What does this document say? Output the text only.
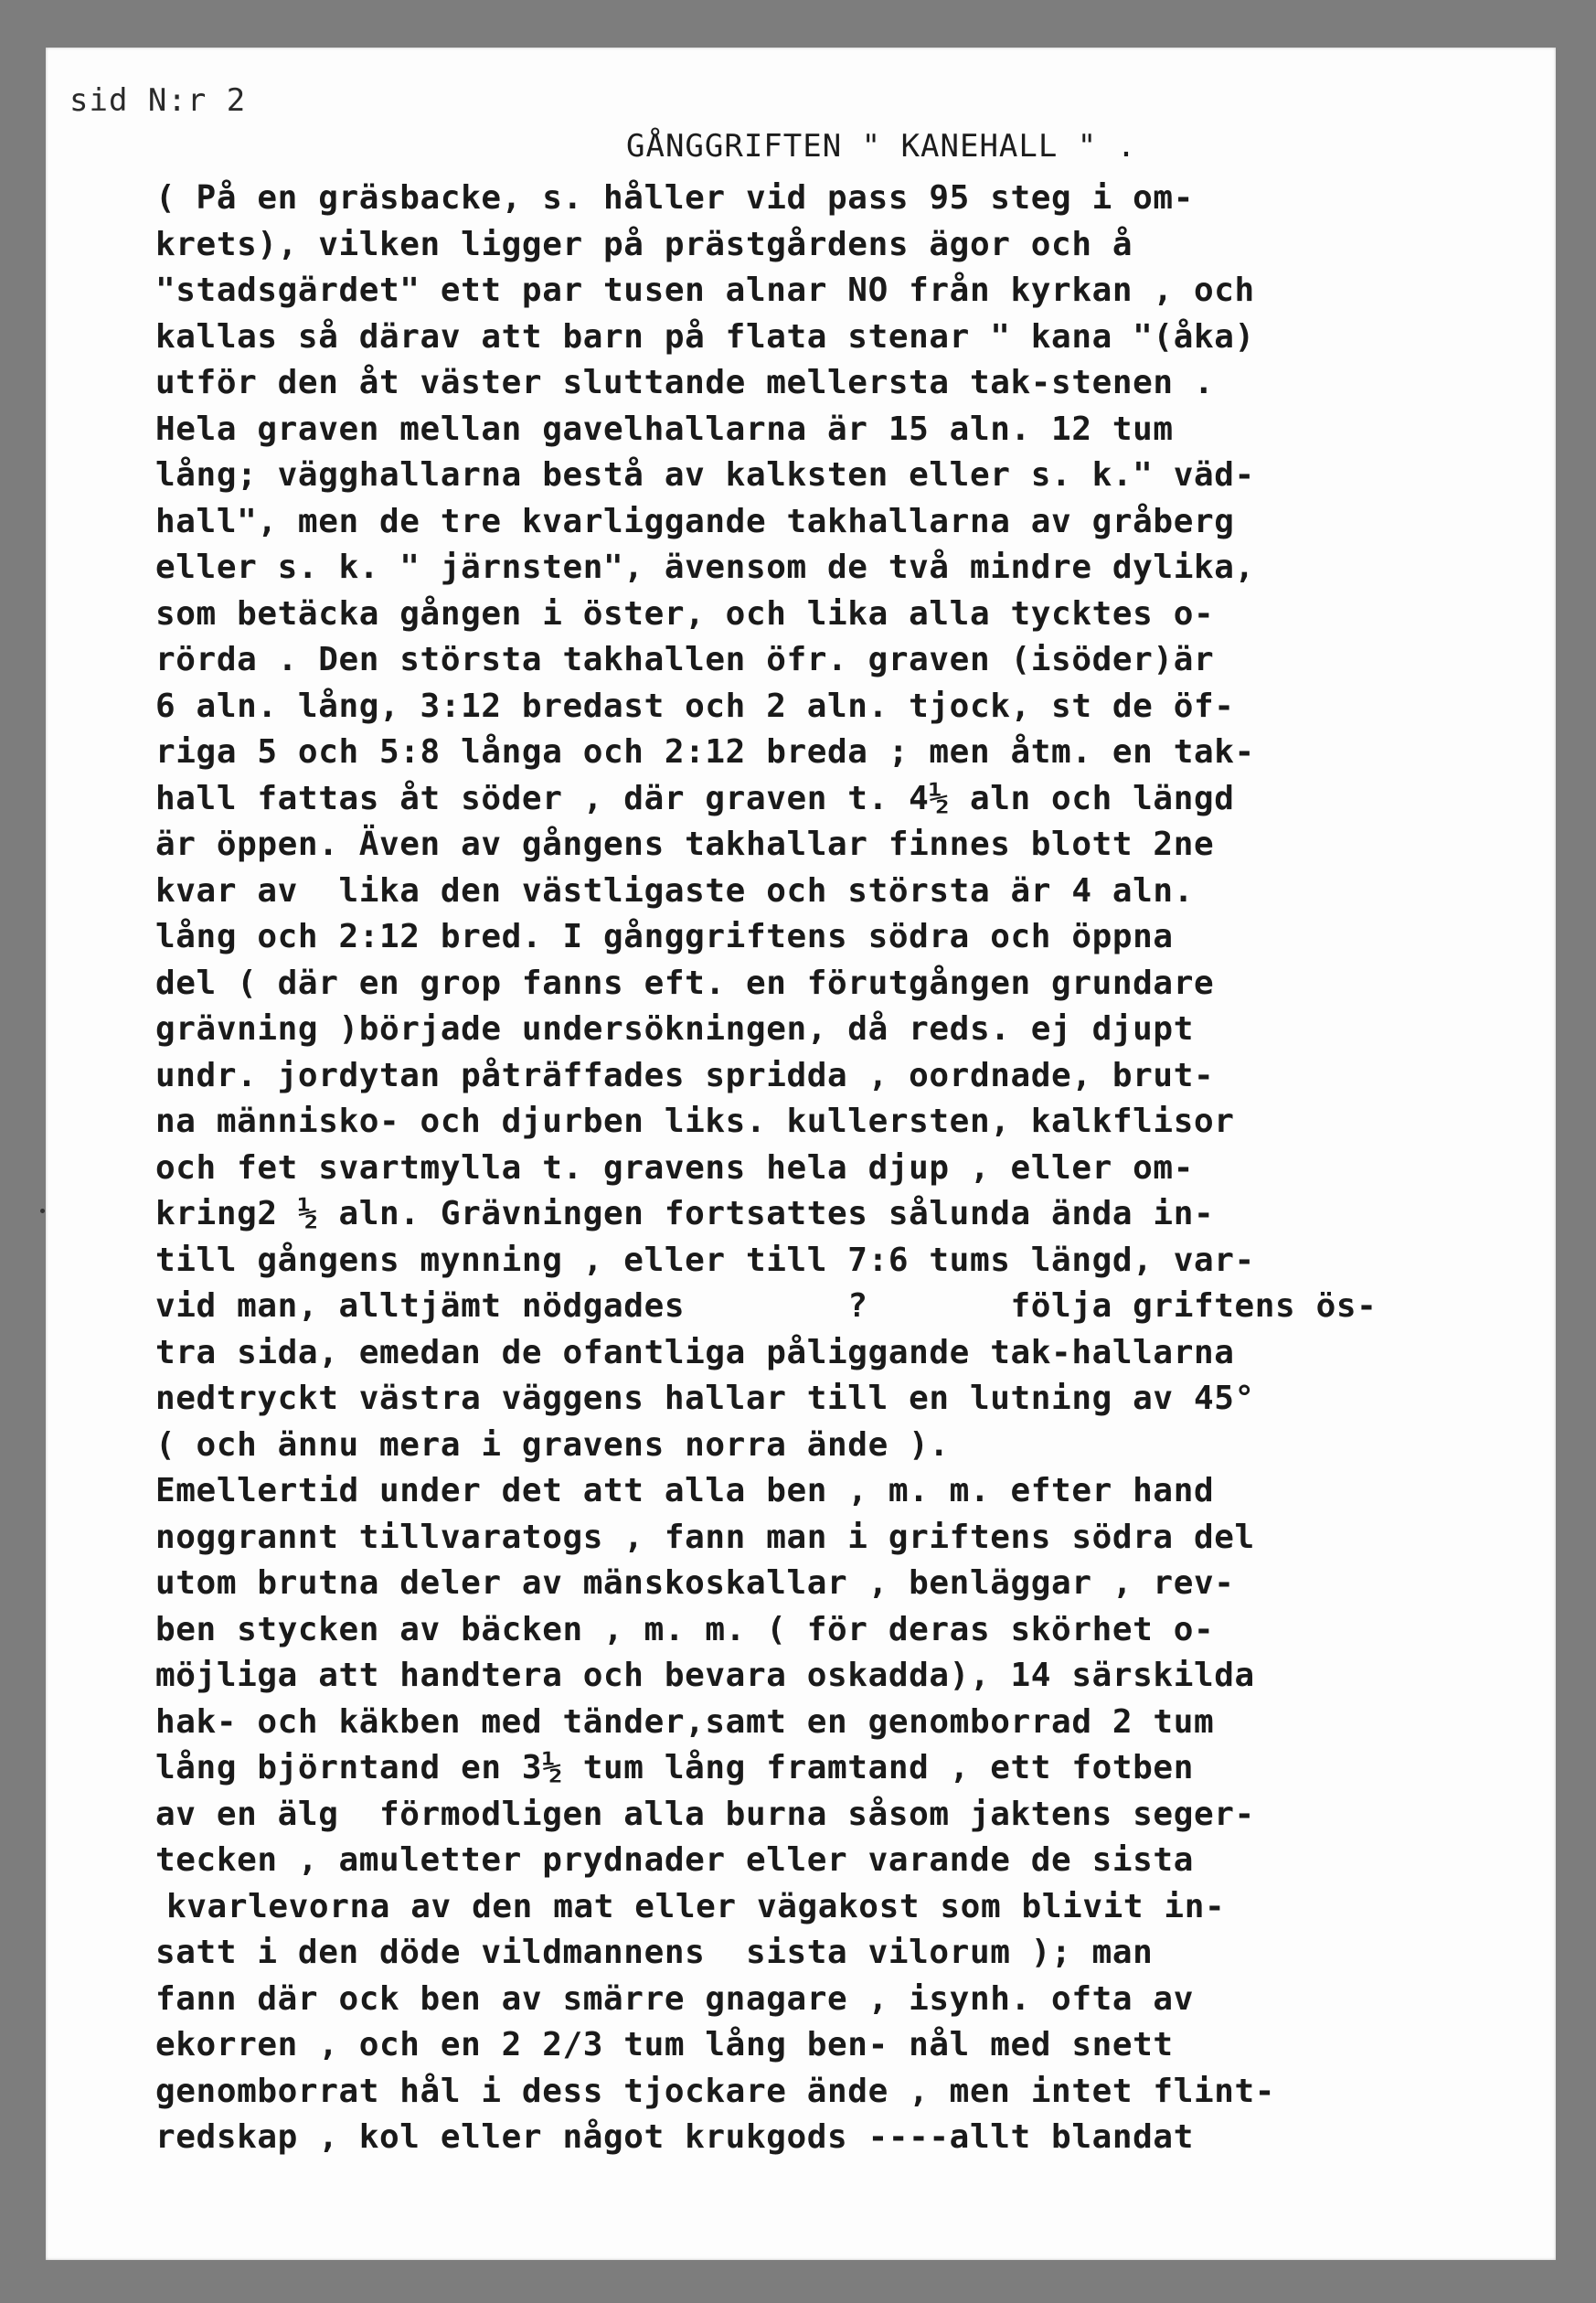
sid N:r 2
GÅNGGRIFTEN " KANEHALL " .
( På en gräsbacke, s. håller vid pass 95 steg i om-
krets), vilken ligger på prästgårdens ägor och å
"stadsgärdet" ett par tusen alnar NO från kyrkan , och
kallas så därav att barn på flata stenar " kana "(åka)
utför den åt väster sluttande mellersta tak-stenen .
Hela graven mellan gavelhallarna är 15 aln. 12 tum
lång; vägghallarna bestå av kalksten eller s. k." väd-
hall", men de tre kvarliggande takhallarna av gråberg
eller s. k. " järnsten", ävensom de två mindre dylika,
som betäcka gången i öster, och lika alla tycktes o-
rörda . Den största takhallen öfr. graven (isöder)är
6 aln. lång, 3:12 bredast och 2 aln. tjock, st de öf-
riga 5 och 5:8 långa och 2:12 breda ; men åtm. en tak-
hall fattas åt söder , där graven t. 4½ aln och längd
är öppen. Även av gångens takhallar finnes blott 2ne
kvar av  lika den västligaste och största är 4 aln.
lång och 2:12 bred. I gånggriftens södra och öppna
del ( där en grop fanns eft. en förutgången grundare
grävning )började undersökningen, då reds. ej djupt
undr. jordytan påträffades spridda , oordnade, brut-
na människo- och djurben liks. kullersten, kalkflisor
och fet svartmylla t. gravens hela djup , eller om-
kring2 ½ aln. Grävningen fortsattes sålunda ända in-
till gångens mynning , eller till 7:6 tums längd, var-
vid man, alltjämt nödgades        ?       följa griftens ös-
tra sida, emedan de ofantliga påliggande tak-hallarna
nedtryckt västra väggens hallar till en lutning av 45°
( och ännu mera i gravens norra ände ).
Emellertid under det att alla ben , m. m. efter hand
noggrannt tillvaratogs , fann man i griftens södra del
utom brutna deler av mänskoskallar , benläggar , rev-
ben stycken av bäcken , m. m. ( för deras skörhet o-
möjliga att handtera och bevara oskadda), 14 särskilda
hak- och käkben med tänder,samt en genomborrad 2 tum
lång björntand en 3½ tum lång framtand , ett fotben
av en älg  förmodligen alla burna såsom jaktens seger-
tecken , amuletter prydnader eller varande de sista
kvarlevorna av den mat eller vägakost som blivit in-
satt i den döde vildmannens  sista vilorum ); man
fann där ock ben av smärre gnagare , isynh. ofta av
ekorren , och en 2 2/3 tum lång ben- nål med snett
genomborrat hål i dess tjockare ände , men intet flint-
redskap , kol eller något krukgods ----allt blandat
